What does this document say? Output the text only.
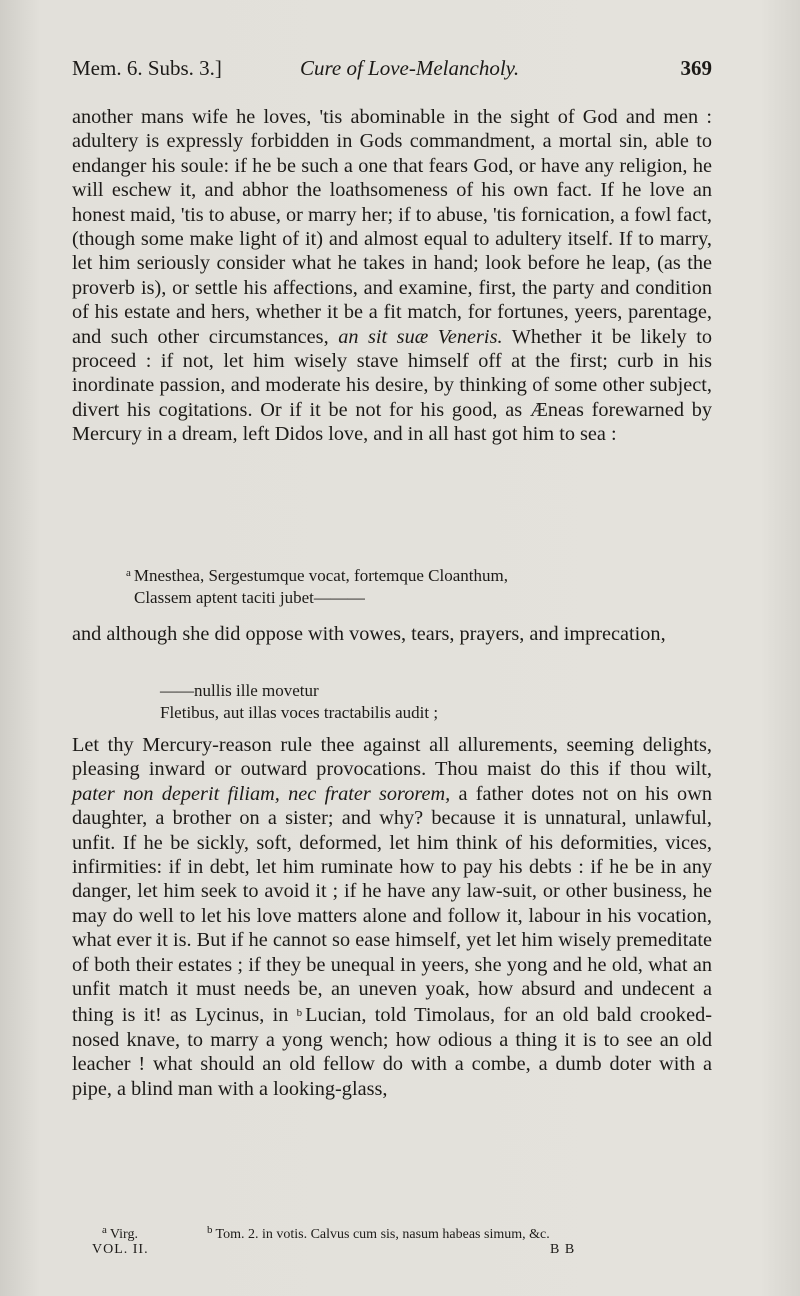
Mem. 6. Subs. 3.]	Cure of Love-Melancholy.	369

another mans wife he loves, 'tis abominable in the sight of God and men : adultery is expressly forbidden in Gods commandment, a mortal sin, able to endanger his soule: if he be such a one that fears God, or have any religion, he will eschew it, and abhor the loathsomeness of his own fact. If he love an honest maid, 'tis to abuse, or marry her; if to abuse, 'tis fornication, a fowl fact, (though some make light of it) and almost equal to adultery itself. If to marry, let him seriously consider what he takes in hand; look before he leap, (as the proverb is), or settle his affections, and examine, first, the party and condition of his estate and hers, whether it be a fit match, for fortunes, yeers, parentage, and such other circumstances, an sit suæ Veneris. Whether it be likely to proceed : if not, let him wisely stave himself off at the first; curb in his inordinate passion, and moderate his desire, by thinking of some other subject, divert his cogitations. Or if it be not for his good, as Æneas forewarned by Mercury in a dream, left Didos love, and in all hast got him to sea :

$^a$ Mnesthea, Sergestumque vocat, fortemque Cloanthum,
Classem aptent taciti jubet———

and although she did oppose with vowes, tears, prayers, and imprecation,

——nullis ille movetur
Fletibus, aut illas voces tractabilis audit ;

Let thy Mercury-reason rule thee against all allurements, seeming delights, pleasing inward or outward provocations. Thou maist do this if thou wilt, pater non deperit filiam, nec frater sororem, a father dotes not on his own daughter, a brother on a sister; and why? because it is unnatural, unlawful, unfit. If he be sickly, soft, deformed, let him think of his deformities, vices, infirmities: if in debt, let him ruminate how to pay his debts : if he be in any danger, let him seek to avoid it ; if he have any law-suit, or other business, he may do well to let his love matters alone and follow it, labour in his vocation, what ever it is. But if he cannot so ease himself, yet let him wisely premeditate of both their estates ; if they be unequal in yeers, she yong and he old, what an unfit match it must needs be, an uneven yoak, how absurd and undecent a thing is it! as Lycinus, in $^b$ Lucian, told Timolaus, for an old bald crooked-nosed knave, to marry a yong wench; how odious a thing it is to see an old leacher ! what should an old fellow do with a combe, a dumb doter with a pipe, a blind man with a looking-glass,

$^a$ Virg.	$^b$ Tom. 2. in votis. Calvus cum sis, nasum habeas simum, &c.
VOL. II.	B B
